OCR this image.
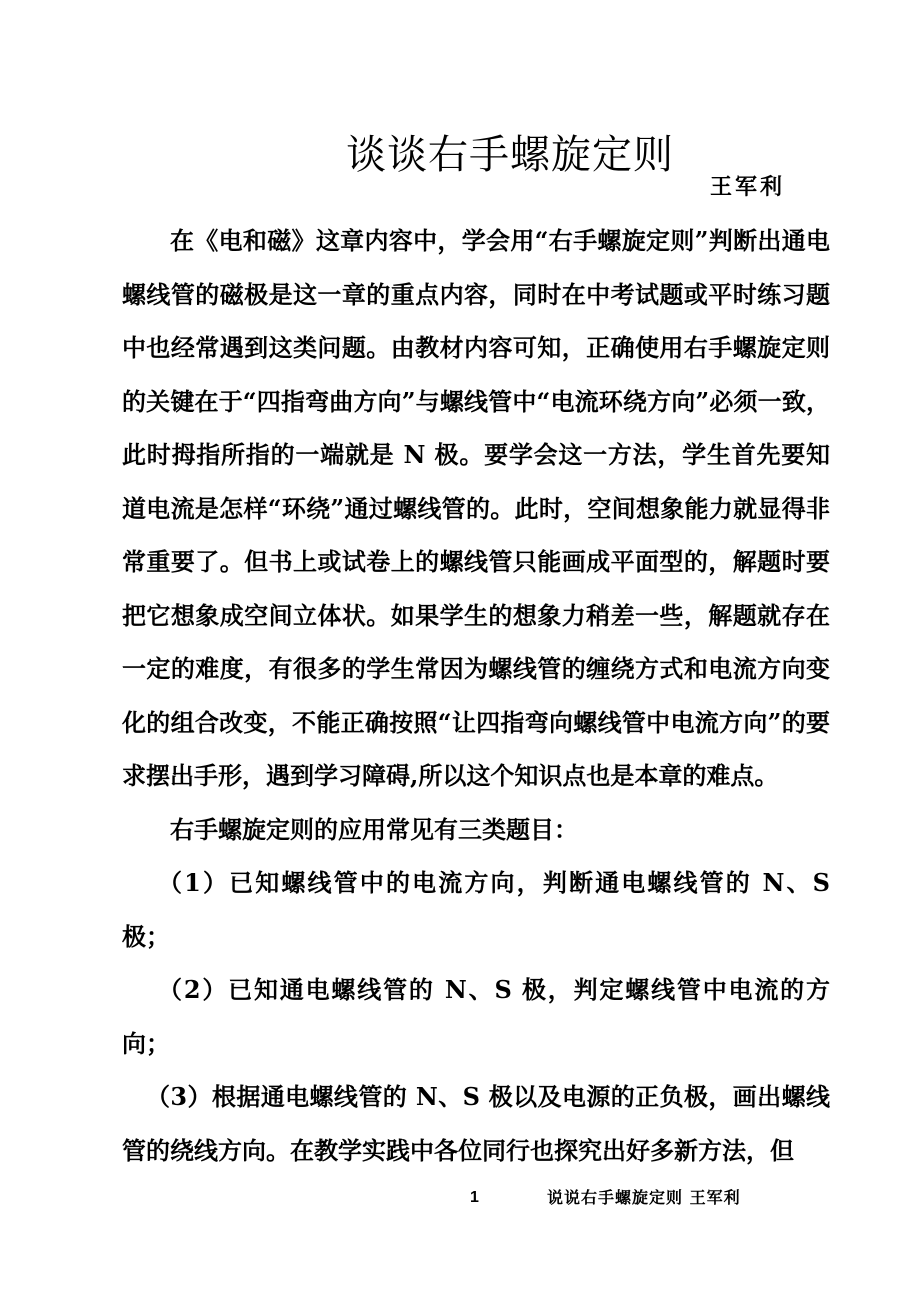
谈谈右手螺旋定则
王军利

在《电和磁》这章内容中，学会用“右手螺旋定则”判断出通电螺线管的磁极是这一章的重点内容，同时在中考试题或平时练习题中也经常遇到这类问题。由教材内容可知，正确使用右手螺旋定则的关键在于“四指弯曲方向”与螺线管中“电流环绕方向”必须一致，此时拇指所指的一端就是 N 极。要学会这一方法，学生首先要知道电流是怎样“环绕”通过螺线管的。此时，空间想象能力就显得非常重要了。但书上或试卷上的螺线管只能画成平面型的，解题时要把它想象成空间立体状。如果学生的想象力稍差一些，解题就存在一定的难度，有很多的学生常因为螺线管的缠绕方式和电流方向变化的组合改变，不能正确按照“让四指弯向螺线管中电流方向”的要求摆出手形，遇到学习障碍,所以这个知识点也是本章的难点。

右手螺旋定则的应用常见有三类题目：

（1）已知螺线管中的电流方向，判断通电螺线管的 N、S 极；

（2）已知通电螺线管的 N、S 极，判定螺线管中电流的方向；

（3）根据通电螺线管的 N、S 极以及电源的正负极，画出螺线管的绕线方向。在教学实践中各位同行也探究出好多新方法，但

1	说说右手螺旋定则 王军利
